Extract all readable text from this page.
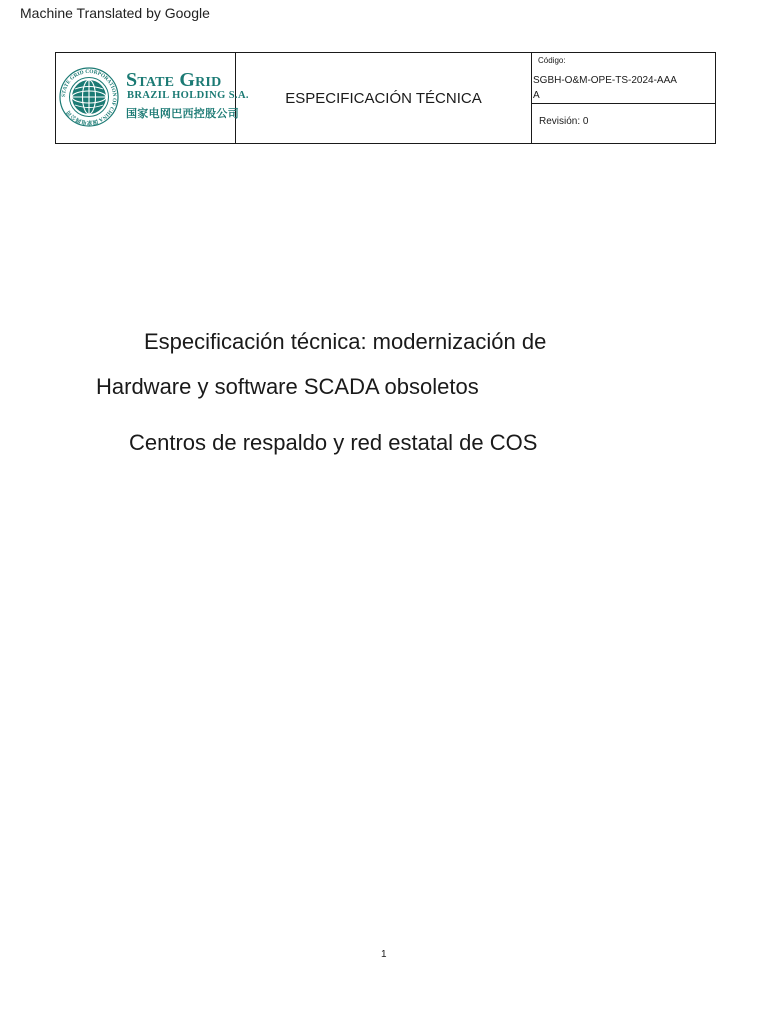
Machine Translated by Google
STATE GRID CORPORATION OF CHINA 国家电网公司
State Grid
BRAZIL HOLDING S.A.
国家电网巴西控股公司
ESPECIFICACIÓN TÉCNICA
Código:
SGBH-O&M-OPE-TS-2024-AAAA
Revisión: 0
Especificación técnica: modernización de
Hardware y software SCADA obsoletos
Centros de respaldo y red estatal de COS
1
